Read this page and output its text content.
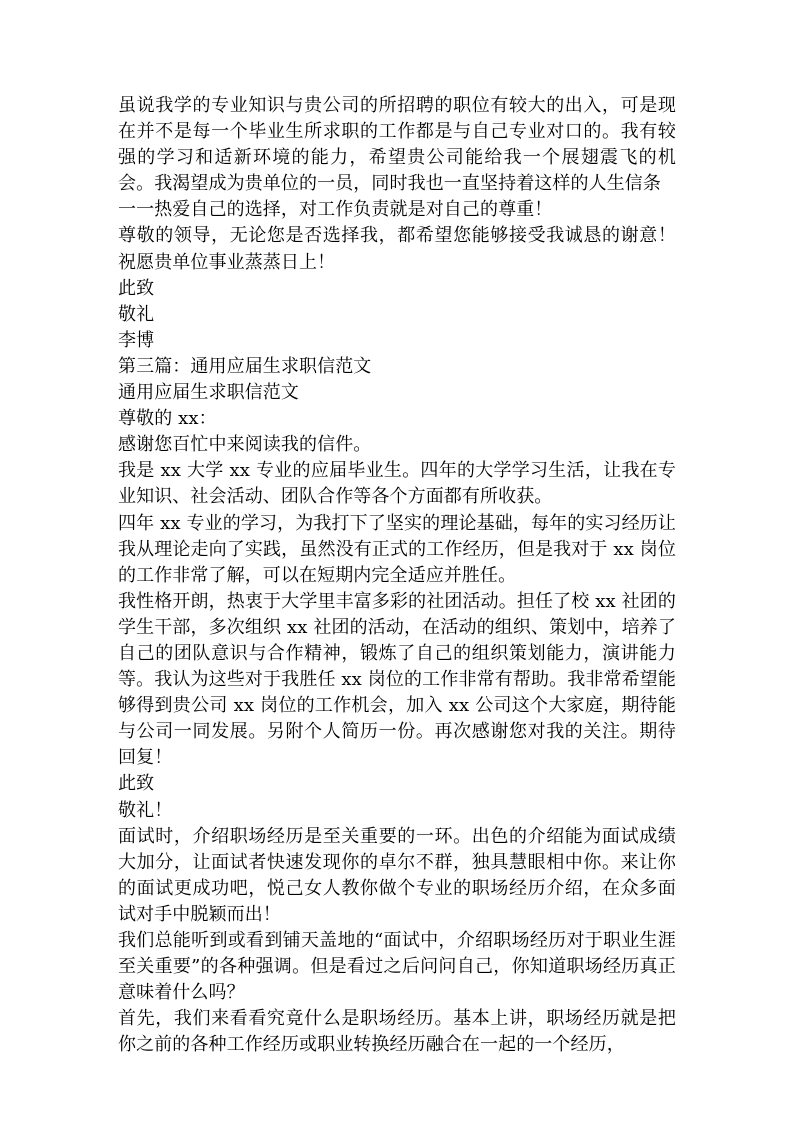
虽说我学的专业知识与贵公司的所招聘的职位有较大的出入，可是现在并不是每一个毕业生所求职的工作都是与自己专业对口的。我有较强的学习和适新环境的能力，希望贵公司能给我一个展翅震飞的机会。我渴望成为贵单位的一员，同时我也一直坚持着这样的人生信条

一一热爱自己的选择，对工作负责就是对自己的尊重！

尊敬的领导，无论您是否选择我，都希望您能够接受我诚恳的谢意！ 祝愿贵单位事业蒸蒸日上！

此致

敬礼

李博

第三篇：通用应届生求职信范文

通用应届生求职信范文

尊敬的 xx：

感谢您百忙中来阅读我的信件。

我是 xx 大学 xx 专业的应届毕业生。四年的大学学习生活，让我在专业知识、社会活动、团队合作等各个方面都有所收获。

四年 xx 专业的学习，为我打下了坚实的理论基础，每年的实习经历让我从理论走向了实践，虽然没有正式的工作经历，但是我对于 xx 岗位的工作非常了解，可以在短期内完全适应并胜任。

我性格开朗，热衷于大学里丰富多彩的社团活动。担任了校 xx 社团的学生干部，多次组织 xx 社团的活动，在活动的组织、策划中，培养了自己的团队意识与合作精神，锻炼了自己的组织策划能力，演讲能力等。我认为这些对于我胜任 xx 岗位的工作非常有帮助。我非常希望能够得到贵公司 xx 岗位的工作机会，加入 xx 公司这个大家庭，期待能与公司一同发展。另附个人简历一份。再次感谢您对我的关注。期待回复！

此致

敬礼！

面试时，介绍职场经历是至关重要的一环。出色的介绍能为面试成绩大加分，让面试者快速发现你的卓尔不群，独具慧眼相中你。来让你的面试更成功吧，悦己女人教你做个专业的职场经历介绍，在众多面试对手中脱颖而出！

我们总能听到或看到铺天盖地的“面试中，介绍职场经历对于职业生涯至关重要”的各种强调。但是看过之后问问自己，你知道职场经历真正意味着什么吗？

首先，我们来看看究竟什么是职场经历。基本上讲，职场经历就是把你之前的各种工作经历或职业转换经历融合在一起的一个经历，
